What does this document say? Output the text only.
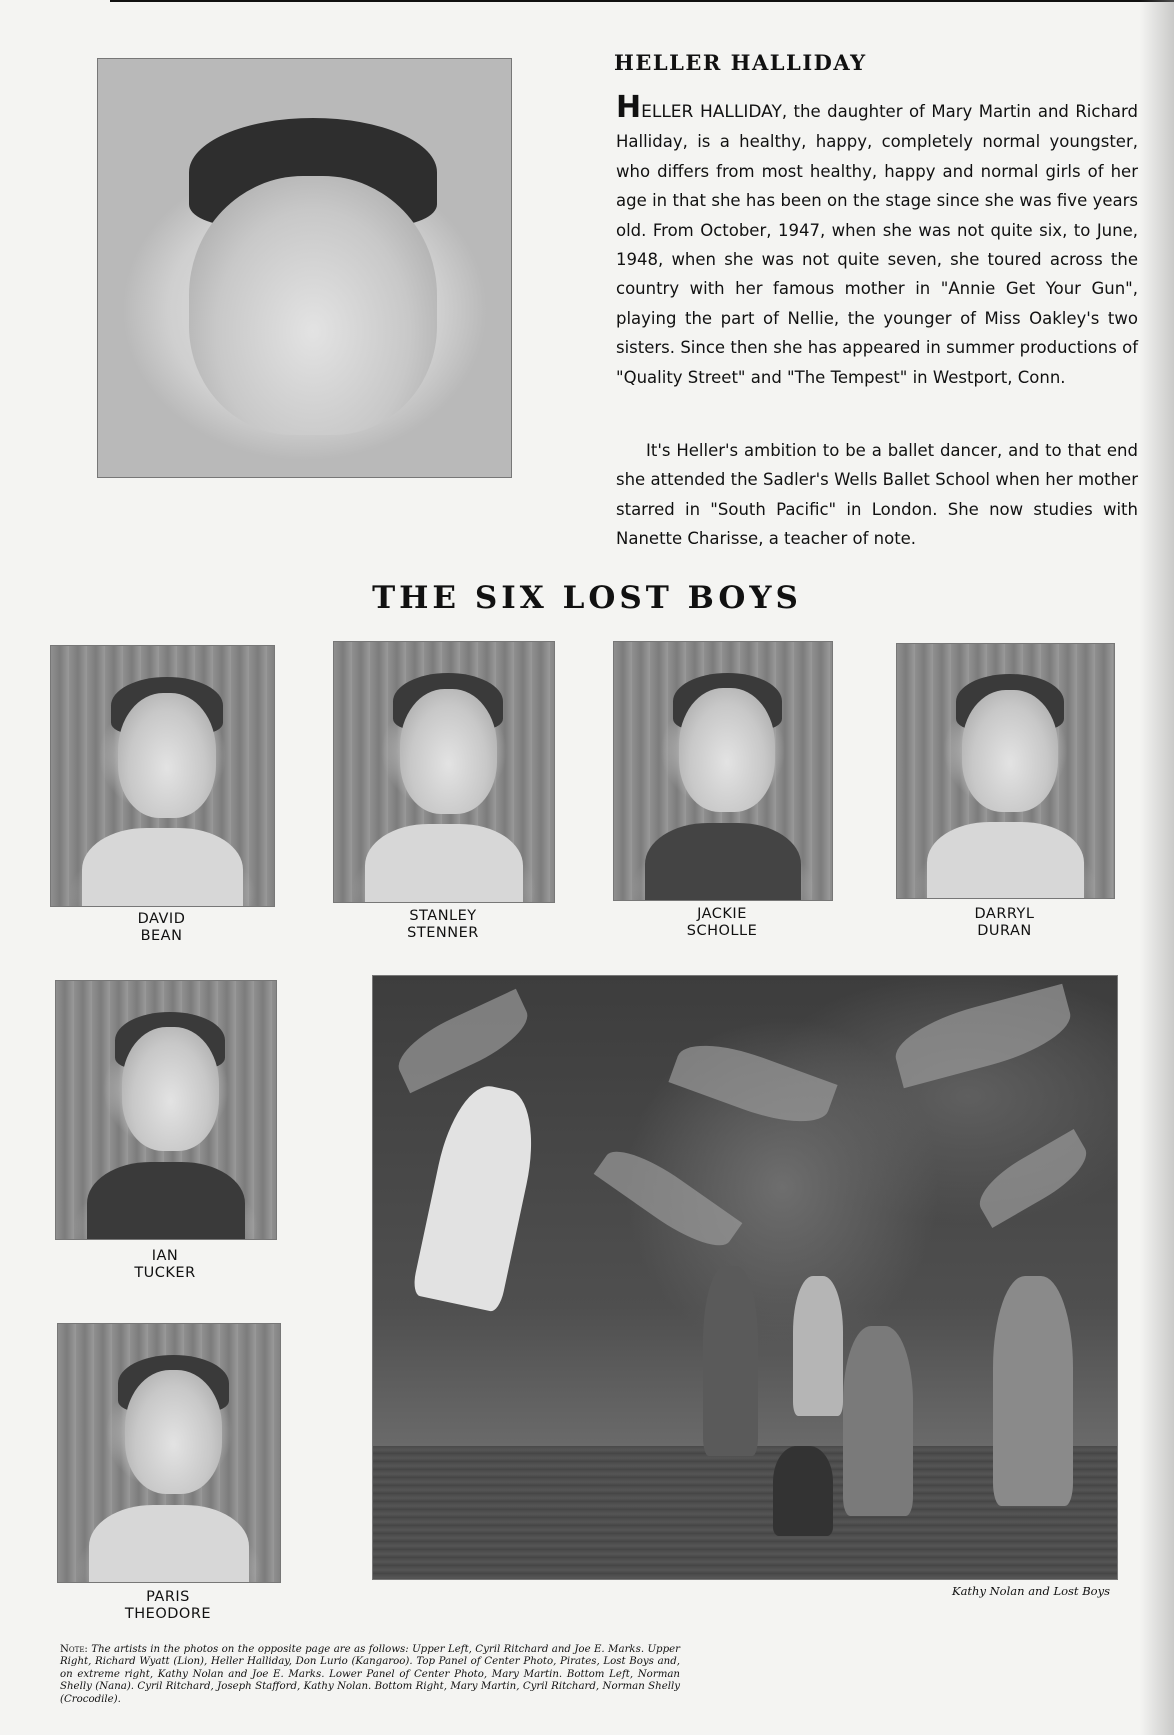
HELLER HALLIDAY

HELLER HALLIDAY, the daughter of Mary Martin and Richard Halliday, is a healthy, happy, completely normal youngster, who differs from most healthy, happy and normal girls of her age in that she has been on the stage since she was five years old. From October, 1947, when she was not quite six, to June, 1948, when she was not quite seven, she toured across the country with her famous mother in "Annie Get Your Gun", playing the part of Nellie, the younger of Miss Oakley's two sisters. Since then she has appeared in summer productions of "Quality Street" and "The Tempest" in Westport, Conn.

It's Heller's ambition to be a ballet dancer, and to that end she attended the Sadler's Wells Ballet School when her mother starred in "South Pacific" in London. She now studies with Nanette Charisse, a teacher of note.

THE SIX LOST BOYS
DAVID
BEAN
STANLEY
STENNER
JACKIE
SCHOLLE
DARRYL
DURAN
IAN
TUCKER
PARIS
THEODORE
Kathy Nolan and Lost Boys

Note: The artists in the photos on the opposite page are as follows: Upper Left, Cyril Ritchard and Joe E. Marks. Upper Right, Richard Wyatt (Lion), Heller Halliday, Don Lurio (Kangaroo). Top Panel of Center Photo, Pirates, Lost Boys and, on extreme right, Kathy Nolan and Joe E. Marks. Lower Panel of Center Photo, Mary Martin. Bottom Left, Norman Shelly (Nana). Cyril Ritchard, Joseph Stafford, Kathy Nolan. Bottom Right, Mary Martin, Cyril Ritchard, Norman Shelly (Crocodile).
